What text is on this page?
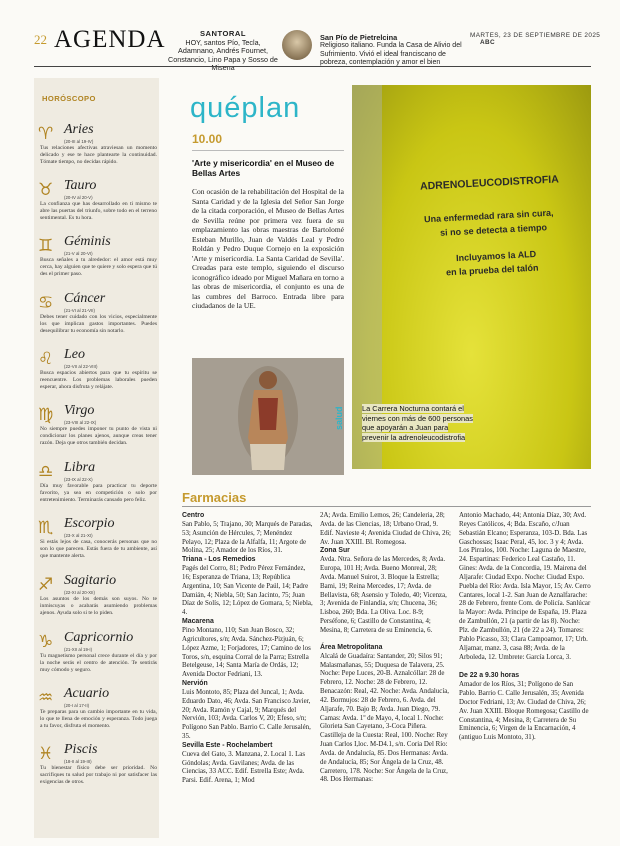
22 AGENDA	SANTORAL
HOY, santos Pío, Tecla, Adamnano, Andrés Fournet, Constancio, Lino Papa y Sosso de Misena
San Pío de Pietrelcina
Religioso italiano. Funda la Casa de Alivio del Sufrimiento. Vivió el ideal franciscano de pobreza, contemplación y amor el bien
MARTES, 23 DE SEPTIEMBRE DE 2025 ABC
HORÓSCOPO
♈ Aries
(20-III al 19-IV)
Tus relaciones afectivas atraviesan un momento delicado y ese te hace plantearte la continuidad. Tómate tiempo, no decidas rápido.
♉ Tauro
(20-IV al 20-V)
La confianza que has desarrollado en ti mismo te abre las puertas del triunfo, sobre todo en el terreno sentimental. Es tu hora.
♊ Géminis
(21-V al 20-VI)
Busca señales a tu alrededor: el amor está muy cerca, hay alguien que te quiere y solo espera que tú des el primer paso.
♋ Cáncer
(21-VI al 21-VII)
Debes tener cuidado con los vicios, especialmente los que implican gastos importantes. Puedes desequilibrar tu economía sin notarlo.
♌ Leo
(22-VII al 22-VIII)
Busca espacios abiertos para que tu espíritu se reencuentre. Los problemas laborales pueden esperar, ahora disfruta y relájate.
♍ Virgo
(23-VIII al 22-IX)
No siempre puedes imponer tu punto de vista ni condicionar los planes ajenos, aunque creas tener razón. Deja que otros también decidan.
♎ Libra
(23-IX al 22-X)
Día muy favorable para practicar tu deporte favorito, ya sea en competición o solo por entretenimiento. Terminarás cansado pero feliz.
♏ Escorpio
(23-X al 21-XI)
Si estás lejos de casa, conocerás personas que no son lo que parecen. Estás fuera de tu ambiente, así que mantente alerta.
♐ Sagitario
(22-XI al 20-XII)
Los asuntos de los demás son suyos. No te inmiscuyas o acabarás asumiendo problemas ajenos. Ayuda solo si te lo piden.
♑ Capricornio
(21-XII al 19-I)
Tu magnetismo personal crece durante el día y por la noche serás el centro de atención. Te sentirás muy cómodo y seguro.
♒ Acuario
(20-I al 17-II)
Te preparas para un cambio importante en tu vida, lo que te llena de emoción y esperanza. Todo juega a tu favor, disfruta el momento.
♓ Piscis
(18-II al 19-III)
Tu bienestar físico debe ser prioridad. No sacrifiques tu salud por trabajo ni por satisfacer las exigencias de otros.
quéplan
10.00
'Arte y misericordia' en el Museo de Bellas Artes
Con ocasión de la rehabilitación del Hospital de la Santa Caridad y de la Iglesia del Señor San Jorge de la citada corporación, el Museo de Bellas Artes de Sevilla reúne por primera vez fuera de su emplazamiento las obras maestras de Bartolomé Esteban Murillo, Juan de Valdés Leal y Pedro Roldán y Pedro Duque Cornejo en la exposición 'Arte y misericordia. La Santa Caridad de Sevilla'. Creadas para este templo, siguiendo el discurso iconográfico ideado por Miguel Mañara en torno a las obras de misericordia, el conjunto es una de las cumbres del Barroco. Entrada libre para ciudadanos de la UE.
ADRENOLEUCODISTROFIA
Una enfermedad rara sin cura,
si no se detecta a tiempo
Incluyamos la ALD
en la prueba del talón
La Carrera Nocturna contará el viernes con más de 600 personas que apoyarán a Juan para prevenir la adrenoleucodistrofia
salud
Farmacias
Centro
San Pablo, 5; Trajano, 30; Marqués de Paradas, 53; Asunción de Hércules, 7; Menéndez Pelayo, 12; Plaza de la Alfalfa, 11; Argote de Molina, 25; Amador de los Ríos, 31.
Triana - Los Remedios
Pagés del Corro, 81; Pedro Pérez Fernández, 16; Esperanza de Triana, 13; República Argentina, 10; San Vicente de Paúl, 14; Padre Damián, 4; Niebla, 50; San Jacinto, 75; Juan Díaz de Solís, 12; López de Gomara, 5; Niebla, 4.
Macarena
Pino Montano, 110; San Juan Bosco, 32; Agricultores, s/n; Avda. Sánchez-Pizjuán, 6; López Azme, 1; Forjadores, 17; Camino de los Toros, s/n, esquina Corral de la Parra; Estrella Betelgeuse, 14; Santa María de Ordás, 12; Avenida Doctor Fedriani, 13.
Nervión
Luis Montoto, 85; Plaza del Juncal, 1; Avda. Eduardo Dato, 46; Avda. San Francisco Javier, 20; Avda. Ramón y Cajal, 9; Marqués del Nervión, 103; Avda. Carlos V, 20; Efeso, s/n; Polígono San Pablo. Barrio C. Calle Jerusalén, 35.
Sevilla Este - Rochelambert
Cueva del Gato, 3. Manzana, 2. Local 1. Las Góndolas; Avda. Gavilanes; Avda. de las Ciencias, 33 ACC. Edif. Estrella Este; Avda. Parsi. Edif. Arena, 1; Mod
2A; Avda. Emilio Lemos, 26; Candeleria, 28; Avda. de las Ciencias, 18; Urbano Orad, 9. Edif. Navieste 4; Avenida Ciudad de Chiva, 26; Av. Juan XXIII. Bl. Romegosa.
Zona Sur
Avda. Ntra. Señora de las Mercedes, 8; Avda. Europa, 101 H; Avda. Bueno Monreal, 28; Avda. Manuel Suirot, 3. Bloque la Estrella; Bami, 19; Reina Mercedes, 17; Avda. de Bellavista, 68; Asensio y Toledo, 40; Vicenza, 3; Avenida de Finlandia, s/n; Chucena, 36; Lisboa, 260; Bda. La Oliva. Loc. 8-9; Perséfone, 6; Castillo de Constantina, 4; Mesina, 8; Carretera de su Eminencia, 6.
Área Metropolitana
Alcalá de Guadaíra: Santander, 20; Silos 91; Malasmañanas, 55; Duquesa de Talavera, 25. Noche: Pepe Luces, 20-B. Aznalcóllar: 28 de Febrero, 12. Noche: 28 de Febrero, 12. Benacazón: Real, 42. Noche: Avda. Andalucía, 42. Bormujos: 28 de Febrero, 6. Avda. del Aljarafe, 70. Bajo B; Avda. Juan Diego, 79. Camas: Avda. 1º de Mayo, 4, local 1. Noche: Glorieta San Cayetano, 3-Coca Piñera. Castilleja de la Cuesta: Real, 100. Noche: Rey Juan Carlos I,loc. M-D4.1, s/n. Coria Del Río: Avda. de Andalucía, 85. Dos Hermanas: Avda. de Andalucía, 85; Sor Ángela de la Cruz, 48. Carretero, 178. Noche: Sor Ángela de la Cruz, 48. Dos Hermanas:
Antonio Machado, 44; Antonia Díaz, 30; Avd. Reyes Católicos, 4; Bda. Escaño, c/Juan Sebastián Elcano; Esperanza, 103-D. Bda. Las Gaschossas; Isaac Peral, 45, loc. 3 y 4; Avda. Los Pirralos, 100. Noche: Laguna de Maestre, 24. Espartinas: Federico Leal Castaño, 11. Gines: Avda. de la Concordia, 19. Mairena del Aljarafe: Ciudad Expo. Noche: Ciudad Expo. Puebla del Río: Avda. Isla Mayor, 15; Av. Cerro Cantares, local 1-2. San Juan de Aznalfarache: 28 de Febrero, frente Com. de Policía. Sanlúcar la Mayor: Avda. Príncipe de España, 19. Plaza de Zambullón, 21 (a partir de las 8). Noche: Plz. de Zambullón, 21 (de 22 a 24). Tomares: Pablo Picasso, 33; Clara Campoamor, 17; Urb. Aljamar, manz. 3, casa 88; Avda. de la Arboleda, 12. Umbrete: García Lorca, 3.
De 22 a 9.30 horas
Amador de los Ríos, 31; Polígono de San Pablo. Barrio C. Calle Jerusalén, 35; Avenida Doctor Fedriani, 13; Av. Ciudad de Chiva, 26; Av. Juan XXIII. Bloque Romegosa; Castillo de Constantina, 4; Mesina, 8; Carretera de Su Eminencia, 6; Virgen de la Encarnación, 4 (antiguo Luis Montoto, 31).
